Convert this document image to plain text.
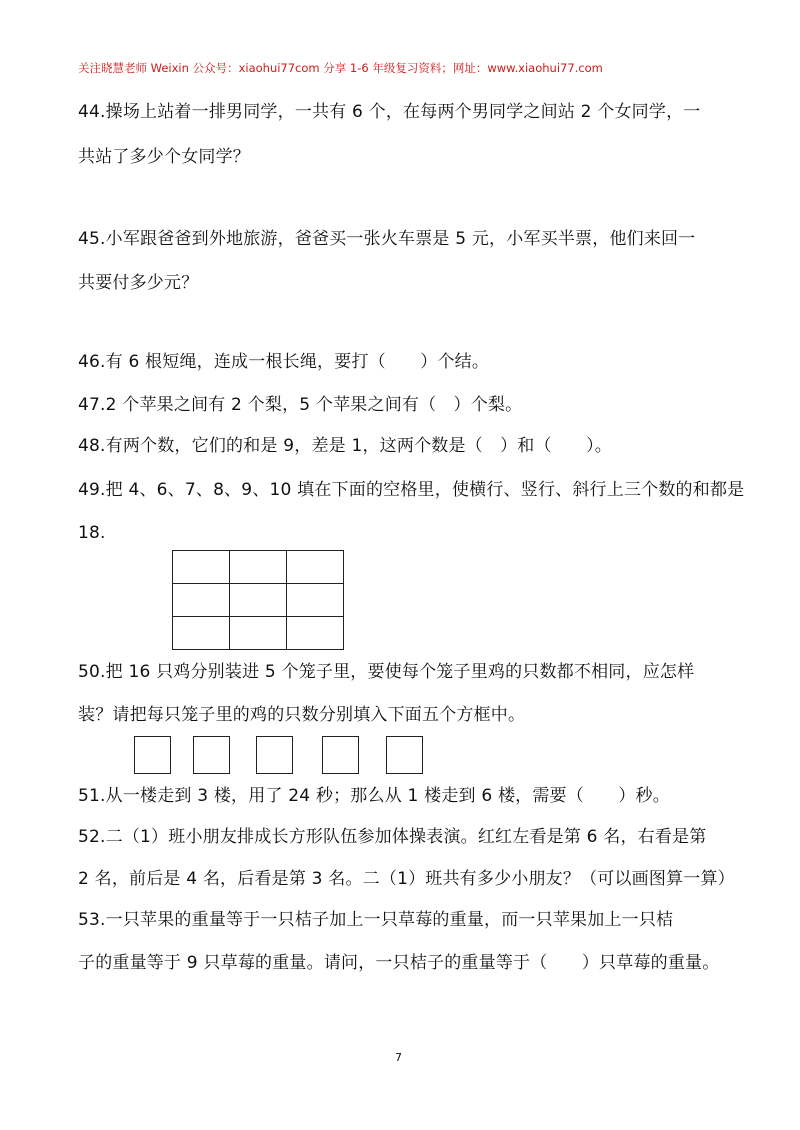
关注晓慧老师 Weixin 公众号：xiaohui77com 分享 1-6 年级复习资料；网址：www.xiaohui77.com
44.操场上站着一排男同学，一共有 6 个，在每两个男同学之间站 2 个女同学，一
共站了多少个女同学？
45.小军跟爸爸到外地旅游，爸爸买一张火车票是 5 元，小军买半票，他们来回一
共要付多少元？
46.有 6 根短绳，连成一根长绳，要打（　　）个结。
47.2 个苹果之间有 2 个梨，5 个苹果之间有（　）个梨。
48.有两个数，它们的和是 9，差是 1，这两个数是（　）和（　　）。
49.把 4、6、7、8、9、10 填在下面的空格里，使横行、竖行、斜行上三个数的和都是
18.

50.把 16 只鸡分别装进 5 个笼子里，要使每个笼子里鸡的只数都不相同，应怎样
装？请把每只笼子里的鸡的只数分别填入下面五个方框中。
51.从一楼走到 3 楼，用了 24 秒；那么从 1 楼走到 6 楼，需要（　　）秒。
52.二（1）班小朋友排成长方形队伍参加体操表演。红红左看是第 6 名，右看是第
2 名，前后是 4 名，后看是第 3 名。二（1）班共有多少小朋友？（可以画图算一算）
53.一只苹果的重量等于一只桔子加上一只草莓的重量，而一只苹果加上一只桔
子的重量等于 9 只草莓的重量。请问，一只桔子的重量等于（　　）只草莓的重量。
7
